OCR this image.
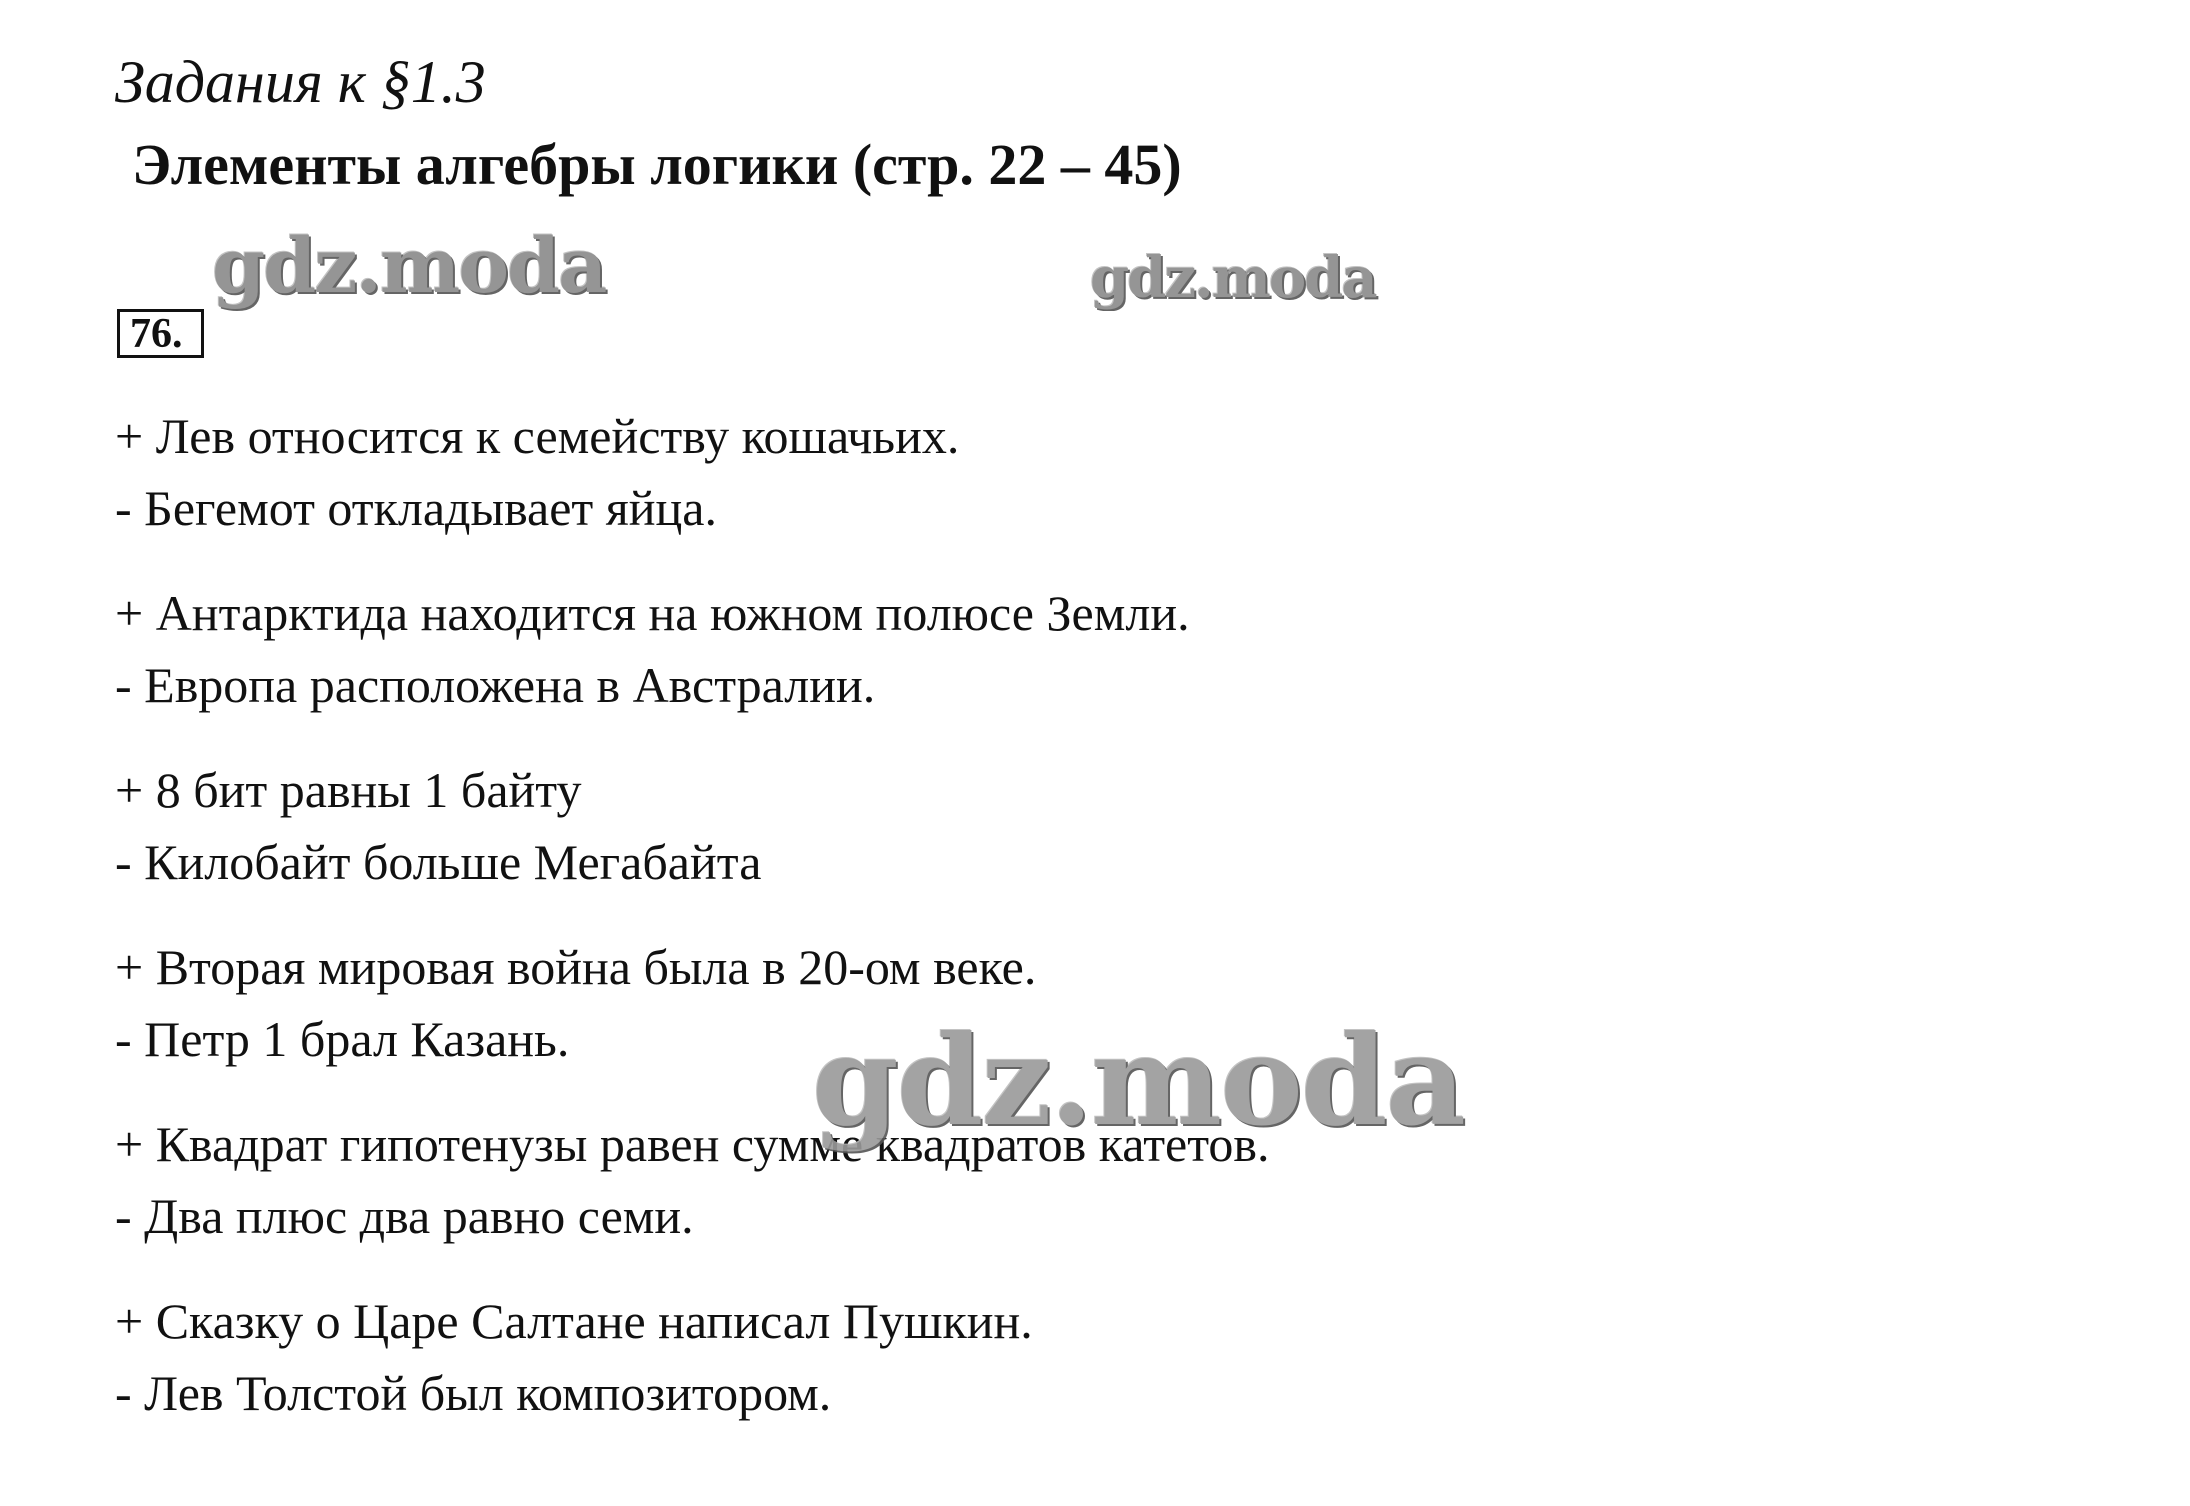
Задания к §1.3
Элементы алгебры логики (стр. 22 – 45)
gdz.moda	gdz.moda
76.
+ Лев относится к семейству кошачьих.
- Бегемот откладывает яйца.
+ Антарктида находится на южном полюсе Земли.
- Европа расположена в Австралии.
+ 8 бит равны 1 байту
- Килобайт больше Мегабайта
+ Вторая мировая война была в 20-ом веке.
- Петр 1 брал Казань.
+ Квадрат гипотенузы равен сумме квадратов катетов.
- Два плюс два равно семи.
+ Сказку о Царе Салтане написал Пушкин.
- Лев Толстой был композитором.
gdz.moda
